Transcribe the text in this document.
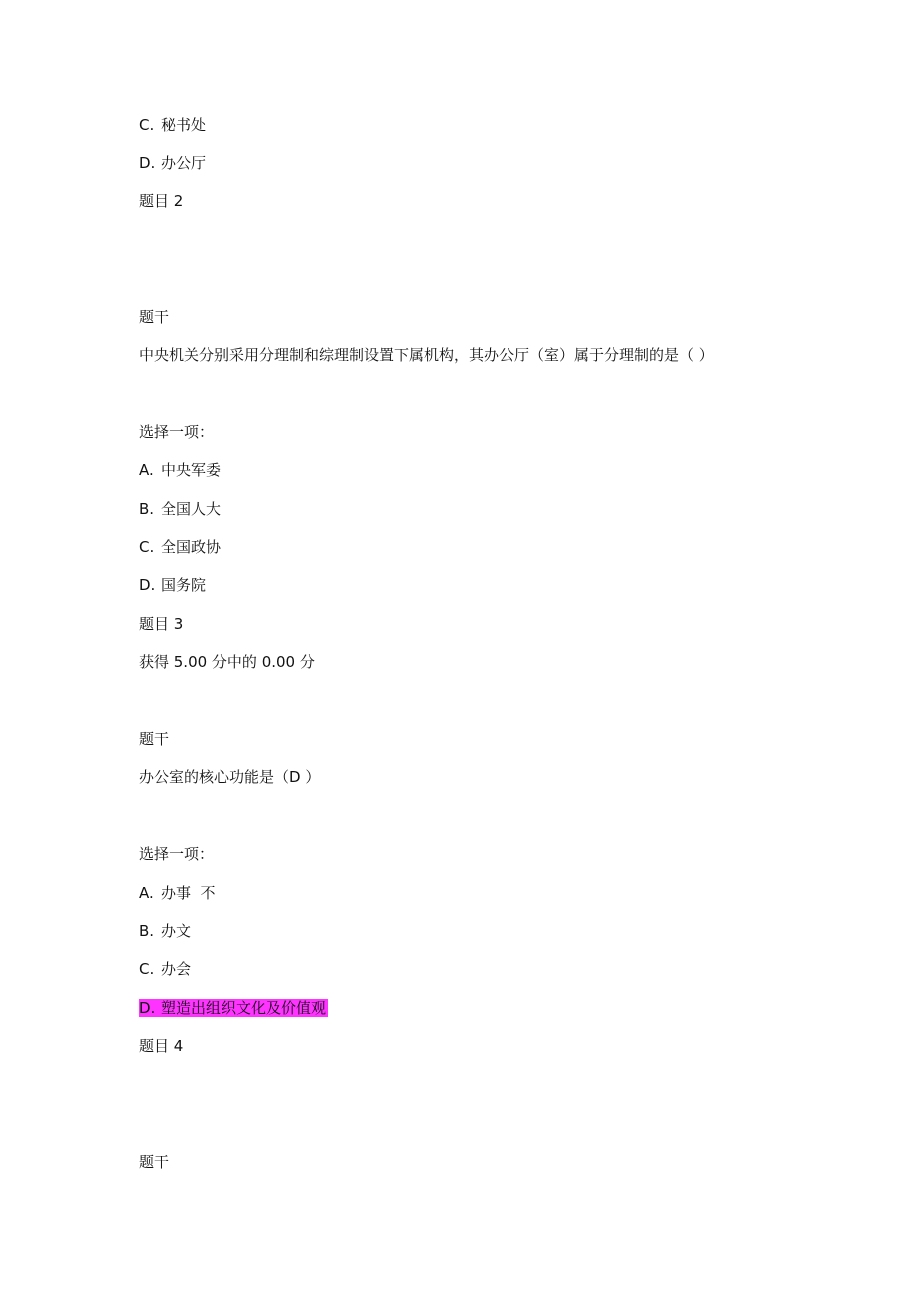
C. 秘书处
D. 办公厅
题目 2
题干
中央机关分别采用分理制和综理制设置下属机构，其办公厅（室）属于分理制的是（ ）
选择一项：
A. 中央军委
B. 全国人大
C. 全国政协
D. 国务院
题目 3
获得 5.00 分中的 0.00 分
题干
办公室的核心功能是（D ）
选择一项：
A. 办事  不
B. 办文
C. 办会
D. 塑造出组织文化及价值观
题目 4
题干
